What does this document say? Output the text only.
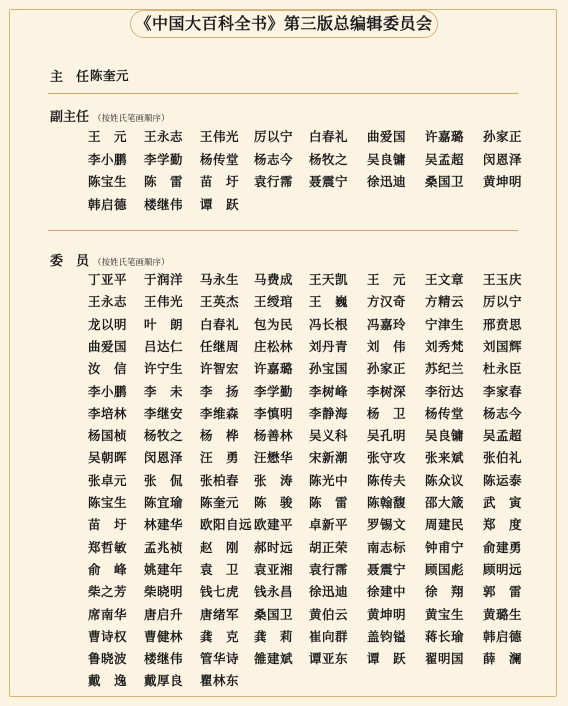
《中国大百科全书》第三版总编辑委员会
主　任 陈奎元
副主任 （按姓氏笔画顺序）
王　元 王永志 王伟光 厉以宁 白春礼 曲爱国 许嘉璐 孙家正
李小鹏 李学勤 杨传堂 杨志今 杨牧之 吴良镛 吴孟超 闵恩泽
陈宝生 陈　雷 苗　圩 袁行霈 聂震宁 徐迅迪 桑国卫 黄坤明
韩启德 楼继伟 谭　跃
委　员 （按姓氏笔画顺序）
丁亚平 于润洋 马永生 马费成 王天凯 王　元 王文章 王玉庆
王永志 王伟光 王英杰 王绶琯 王　巍 方汉奇 方精云 厉以宁
龙以明 叶　朗 白春礼 包为民 冯长根 冯嘉玲 宁津生 邢贲思
曲爱国 吕达仁 任继周 庄松林 刘丹青 刘　伟 刘秀梵 刘国辉
汝　信 许宁生 许智宏 许嘉璐 孙宝国 孙家正 苏纪兰 杜永臣
李小鹏 李　未 李　扬 李学勤 李树峰 李树深 李衍达 李家春
李培林 李继安 李维森 李慎明 李静海 杨　卫 杨传堂 杨志今
杨国桢 杨牧之 杨　桦 杨善林 吴义科 吴孔明 吴良镛 吴孟超
吴朝晖 闵恩泽 汪　勇 汪懋华 宋新潮 张守攻 张来斌 张伯礼
张卓元 张　侃 张柏春 张　涛 陈光中 陈传夫 陈众议 陈运泰
陈宝生 陈宜瑜 陈奎元 陈　骏 陈　雷 陈翰馥 邵大箴 武　寅
苗　圩 林建华 欧阳自远 欧建平 卓新平 罗锡文 周建民 郑　度
郑哲敏 孟兆祯 赵　刚 郝时远 胡正荣 南志标 钟甫宁 俞建勇
俞　峰 姚建年 袁　卫 袁亚湘 袁行霈 聂震宁 顾国彪 顾明远
柴之芳 柴晓明 钱七虎 钱永昌 徐迅迪 徐建中 徐　翔 郭　雷
席南华 唐启升 唐绪军 桑国卫 黄伯云 黄坤明 黄宝生 黄璐生
曹诗权 曹健林 龚　克 龚　莉 崔向群 盖钧镒 蒋长瑜 韩启德
鲁晓波 楼继伟 管华诗 雒建斌 谭亚东 谭　跃 翟明国 薛　澜
戴　逸 戴厚良 瞿林东
